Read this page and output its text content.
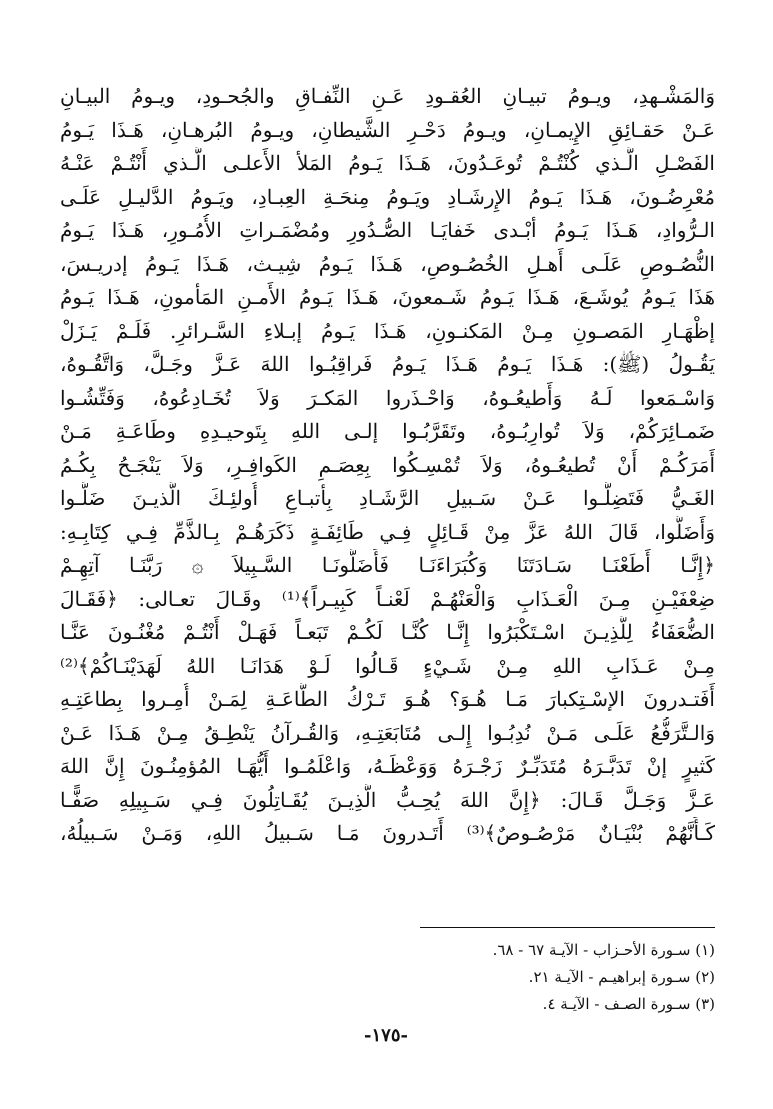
وَالمَشْـهدِ، ويـومُ تبيـانِ العُقـودِ عَـنِ النِّفـاقِ والجُحـودِ، ويـومُ البيـانِ
عَـنْ حَقـائِقِ الإِيمـانِ، ويـومُ دَحْـرِ الشَّيطانِ، ويـومُ البُرهـانِ، هَـذَا يَـومُ
الفَصْـلِ الَّـذي كُنْتُـمْ تُوعَـدُونَ، هَـذَا يَـومُ المَلأ الأَعلـى الَّـذي أَنْتُـمْ عَنْـهُ
مُعْرِضُـونَ، هَـذَا يَـومُ الإِرشَـادِ ويَـومُ مِنحَـةِ العِبـادِ، ويَـومُ الدَّليـلِ عَلَـى
الـرُّوادِ، هَـذَا يَـومُ أبْـدى خَفايَـا الصُّـدُورِ ومُضْمَـراتِ الأُمُـورِ، هَـذَا يَـومُ
النُّصُـوصِ عَلَـى أَهـلِ الخُصُـوصِ، هَـذَا يَـومُ شِيـث، هَـذَا يَـومُ إدريـسَ،
هَذَا يَـومُ يُوشَـعَ، هَـذَا يَـومُ شَـمعونَ، هَـذَا يَـومُ الأَمـنِ المَأمونِ، هَـذَا يَـومُ
إظْهَـارِ المَصـونِ مِـنْ المَكنـونِ، هَـذَا يَـومُ إبـلاءِ السَّـرائرِ. فَلَـمْ يَـزَلْ
يَقُـولُ (ﷺ): هَـذَا يَـومُ هَـذَا يَـومُ فَراقِبُـوا اللهَ عَـزَّ وجَـلَّ، وَاتَّقُـوهُ،
وَاسْـمَعوا لَـهُ وَأَطيعُـوهُ، وَاحْـذَروا المَكـرَ وَلاَ تُخَـادِعُوهُ، وَفَتِّشُـوا
ضَمـائِرَكُمْ، وَلاَ تُوارِبُـوهُ، وتَقَرَّبُـوا إلـى اللهِ بِتَوحيـدِهِ وطَاعَـةِ مَـنْ
أَمَرَكُـمْ أَنْ تُطيعُـوهُ، وَلاَ تُمْسِـكُوا بِعِصَـمِ الكَوافِـرِ، وَلاَ يَنْجَـحُ بِكُـمُ
الغَـيُّ فَتَضِلُّـوا عَـنْ سَـبيلِ الرَّشَـادِ بِأتبـاعِ أُولئِـكَ الَّذيـنَ ضَلُّـوا
وَأَضَلُّوا، قَالَ اللهُ عَزَّ مِنْ قَـائِلٍ فِـي طَائِفَـةٍ ذَكَرَهُـمْ بِـالذَّمِّ فِـي كِتَابِـهِ:
﴿إِنَّـا أَطَعْنَـا سَـادَتَنَا وَكُبَرَاءَنَـا فَأَضَلُّونَـا السَّـبِيلاَ ۞ رَبَّنَـا آتِهِـمْ
ضِعْفَيْـنِ مِـنَ الْعَـذَابِ وَالْعَنْهُـمْ لَعْنـاً كَبِيـراً﴾⁽¹⁾ وقَـالَ تعـالى: ﴿فَقَـالَ
الضُّعَفَاءُ لِلَّذِيـنَ اسْـتَكْبَرُوا إِنَّـا كُنَّـا لَكُـمْ تَبَعـاً فَهَـلْ أَنْتُـمْ مُغْنُـونَ عَنَّـا
مِـنْ عَـذَابِ اللهِ مِـنْ شَـيْءٍ قَـالُوا لَـوْ هَدَانَـا اللهُ لَهَدَيْنَـاكُمْ﴾⁽²⁾
أَفَتـدرونَ الإسْـتِكبارَ مَـا هُـوَ؟ هُـوَ تَـرْكُ الطَّاعَـةِ لِمَـنْ أُمِـروا بِطاعَتِـهِ
وَالـتَّرَفُّعُ عَلَـى مَـنْ نُدِبُـوا إِلـى مُتَابَعَتِـهِ، وَالقُـرآنُ يَنْطِـقُ مِـنْ هَـذَا عَـنْ
كَثيرٍ إنْ تَدَبَّـرَهُ مُتَدَبِّـرٌ زَجْـرَهُ وَوَعْظَـهُ، وَاعْلَمُـوا أَيُّهَـا المُؤمِنُـونَ إِنَّ اللهَ
عَـزَّ وَجَـلَّ قَـالَ: ﴿إِنَّ اللهَ يُحِـبُّ الَّذِيـنَ يُقَـاتِلُونَ فِـي سَـبِيلِهِ صَفًّـا
كَـأَنَّهُمْ بُنْيَـانٌ مَرْصُـوصٌ﴾⁽³⁾ أَتَـدرونَ مَـا سَـبيلُ اللهِ، وَمَـنْ سَـبيلُهُ،
(١) سـورة الأحـزاب - الآيـة ٦٧ - ٦٨.
(٢) سـورة إبراهيـم - الآيـة ٢١.
(٣) سـورة الصـف - الآيـة ٤.
-١٧٥-
